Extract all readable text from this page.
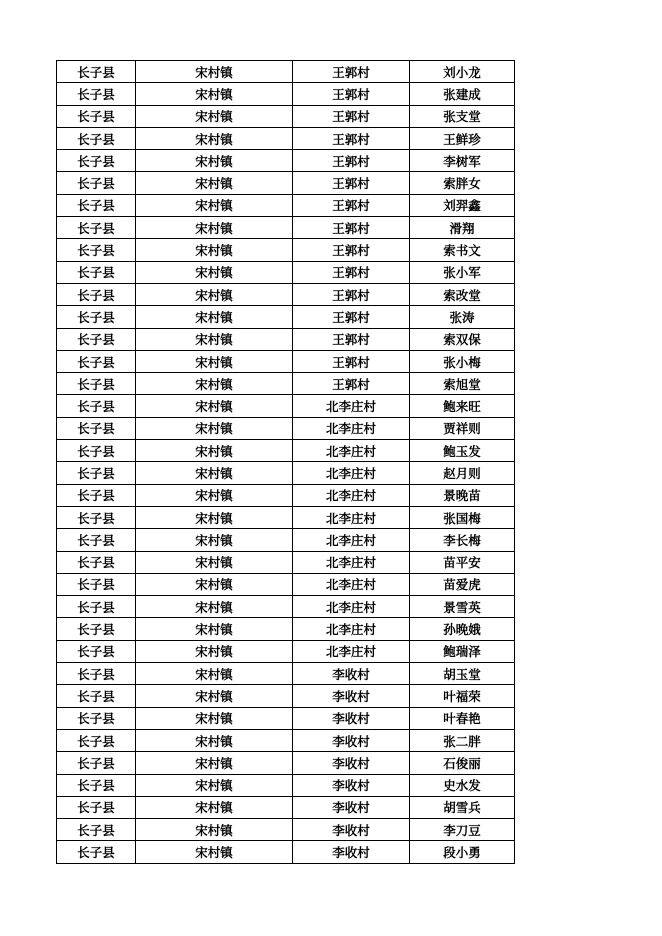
长子县	宋村镇	王郭村	刘小龙
长子县	宋村镇	王郭村	张建成
长子县	宋村镇	王郭村	张支堂
长子县	宋村镇	王郭村	王鲜珍
长子县	宋村镇	王郭村	李树军
长子县	宋村镇	王郭村	索胖女
长子县	宋村镇	王郭村	刘羿鑫
长子县	宋村镇	王郭村	滑翔
长子县	宋村镇	王郭村	索书文
长子县	宋村镇	王郭村	张小军
长子县	宋村镇	王郭村	索改堂
长子县	宋村镇	王郭村	张涛
长子县	宋村镇	王郭村	索双保
长子县	宋村镇	王郭村	张小梅
长子县	宋村镇	王郭村	索旭堂
长子县	宋村镇	北李庄村	鲍来旺
长子县	宋村镇	北李庄村	贾祥则
长子县	宋村镇	北李庄村	鲍玉发
长子县	宋村镇	北李庄村	赵月则
长子县	宋村镇	北李庄村	景晚苗
长子县	宋村镇	北李庄村	张国梅
长子县	宋村镇	北李庄村	李长梅
长子县	宋村镇	北李庄村	苗平安
长子县	宋村镇	北李庄村	苗爱虎
长子县	宋村镇	北李庄村	景雪英
长子县	宋村镇	北李庄村	孙晚娥
长子县	宋村镇	北李庄村	鲍瑞泽
长子县	宋村镇	李收村	胡玉堂
长子县	宋村镇	李收村	叶福荣
长子县	宋村镇	李收村	叶春艳
长子县	宋村镇	李收村	张二胖
长子县	宋村镇	李收村	石俊丽
长子县	宋村镇	李收村	史水发
长子县	宋村镇	李收村	胡雪兵
长子县	宋村镇	李收村	李刀豆
长子县	宋村镇	李收村	段小勇
